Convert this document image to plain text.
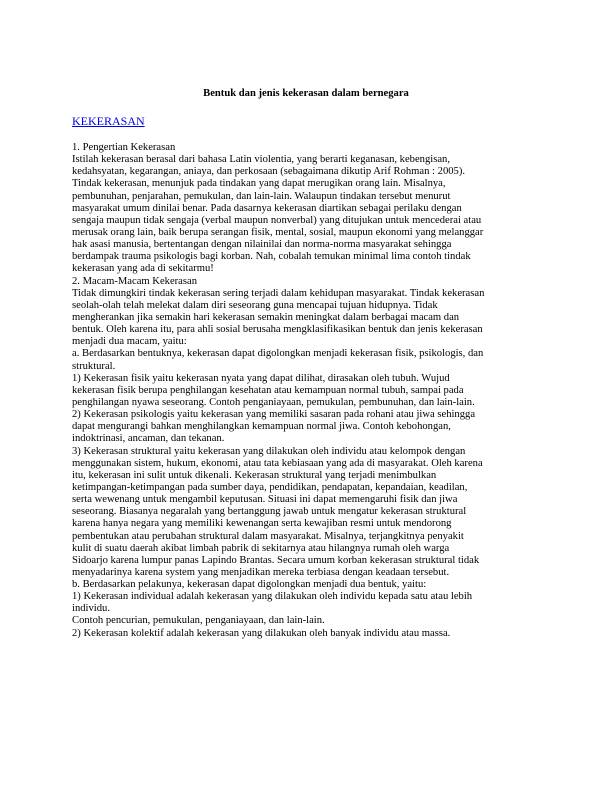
Bentuk dan jenis kekerasan dalam bernegara
KEKERASAN
1. Pengertian Kekerasan
Istilah kekerasan berasal dari bahasa Latin violentia, yang berarti keganasan, kebengisan,
kedahsyatan, kegarangan, aniaya, dan perkosaan (sebagaimana dikutip Arif Rohman : 2005).
Tindak kekerasan, menunjuk pada tindakan yang dapat merugikan orang lain. Misalnya,
pembunuhan, penjarahan, pemukulan, dan lain-lain. Walaupun tindakan tersebut menurut
masyarakat umum dinilai benar. Pada dasarnya kekerasan diartikan sebagai perilaku dengan
sengaja maupun tidak sengaja (verbal maupun nonverbal) yang ditujukan untuk mencederai atau
merusak orang lain, baik berupa serangan fisik, mental, sosial, maupun ekonomi yang melanggar
hak asasi manusia, bertentangan dengan nilainilai dan norma-norma masyarakat sehingga
berdampak trauma psikologis bagi korban. Nah, cobalah temukan minimal lima contoh tindak
kekerasan yang ada di sekitarmu!
2. Macam-Macam Kekerasan
Tidak dimungkiri tindak kekerasan sering terjadi dalam kehidupan masyarakat. Tindak kekerasan
seolah-olah telah melekat dalam diri seseorang guna mencapai tujuan hidupnya. Tidak
mengherankan jika semakin hari kekerasan semakin meningkat dalam berbagai macam dan
bentuk. Oleh karena itu, para ahli sosial berusaha mengklasifikasikan bentuk dan jenis kekerasan
menjadi dua macam, yaitu:
a. Berdasarkan bentuknya, kekerasan dapat digolongkan menjadi kekerasan fisik, psikologis, dan
struktural.
1) Kekerasan fisik yaitu kekerasan nyata yang dapat dilihat, dirasakan oleh tubuh. Wujud
kekerasan fisik berupa penghilangan kesehatan atau kemampuan normal tubuh, sampai pada
penghilangan nyawa seseorang. Contoh penganiayaan, pemukulan, pembunuhan, dan lain-lain.
2) Kekerasan psikologis yaitu kekerasan yang memiliki sasaran pada rohani atau jiwa sehingga
dapat mengurangi bahkan menghilangkan kemampuan normal jiwa. Contoh kebohongan,
indoktrinasi, ancaman, dan tekanan.
3) Kekerasan struktural yaitu kekerasan yang dilakukan oleh individu atau kelompok dengan
menggunakan sistem, hukum, ekonomi, atau tata kebiasaan yang ada di masyarakat. Oleh karena
itu, kekerasan ini sulit untuk dikenali. Kekerasan struktural yang terjadi menimbulkan
ketimpangan-ketimpangan pada sumber daya, pendidikan, pendapatan, kepandaian, keadilan,
serta wewenang untuk mengambil keputusan. Situasi ini dapat memengaruhi fisik dan jiwa
seseorang. Biasanya negaralah yang bertanggung jawab untuk mengatur kekerasan struktural
karena hanya negara yang memiliki kewenangan serta kewajiban resmi untuk mendorong
pembentukan atau perubahan struktural dalam masyarakat. Misalnya, terjangkitnya penyakit
kulit di suatu daerah akibat limbah pabrik di sekitarnya atau hilangnya rumah oleh warga
Sidoarjo karena lumpur panas Lapindo Brantas. Secara umum korban kekerasan struktural tidak
menyadarinya karena system yang menjadikan mereka terbiasa dengan keadaan tersebut.
b. Berdasarkan pelakunya, kekerasan dapat digolongkan menjadi dua bentuk, yaitu:
1) Kekerasan individual adalah kekerasan yang dilakukan oleh individu kepada satu atau lebih
individu.
Contoh pencurian, pemukulan, penganiayaan, dan lain-lain.
2) Kekerasan kolektif adalah kekerasan yang dilakukan oleh banyak individu atau massa.
